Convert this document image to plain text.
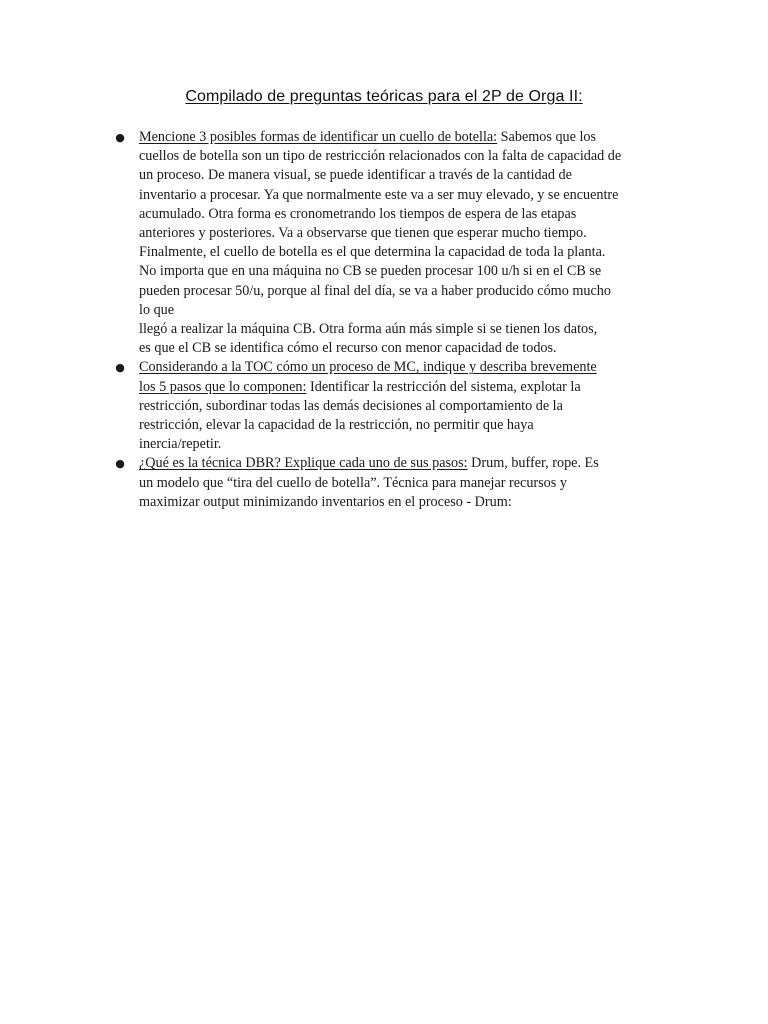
Compilado de preguntas teóricas para el 2P de Orga II:
● Mencione 3 posibles formas de identificar un cuello de botella: Sabemos que los
cuellos de botella son un tipo de restricción relacionados con la falta de capacidad de
un proceso. De manera visual, se puede identificar a través de la cantidad de
inventario a procesar. Ya que normalmente este va a ser muy elevado, y se encuentre
acumulado. Otra forma es cronometrando los tiempos de espera de las etapas
anteriores y posteriores. Va a observarse que tienen que esperar mucho tiempo.
Finalmente, el cuello de botella es el que determina la capacidad de toda la planta.
No importa que en una máquina no CB se pueden procesar 100 u/h si en el CB se
pueden procesar 50/u, porque al final del día, se va a haber producido cómo mucho
lo que
llegó a realizar la máquina CB. Otra forma aún más simple si se tienen los datos,
es que el CB se identifica cómo el recurso con menor capacidad de todos.
● Considerando a la TOC cómo un proceso de MC, indique y describa brevemente
los 5 pasos que lo componen: Identificar la restricción del sistema, explotar la
restricción, subordinar todas las demás decisiones al comportamiento de la
restricción, elevar la capacidad de la restricción, no permitir que haya
inercia/repetir.
● ¿Qué es la técnica DBR? Explique cada uno de sus pasos: Drum, buffer, rope. Es
un modelo que “tira del cuello de botella”. Técnica para manejar recursos y
maximizar output minimizando inventarios en el proceso - Drum:
